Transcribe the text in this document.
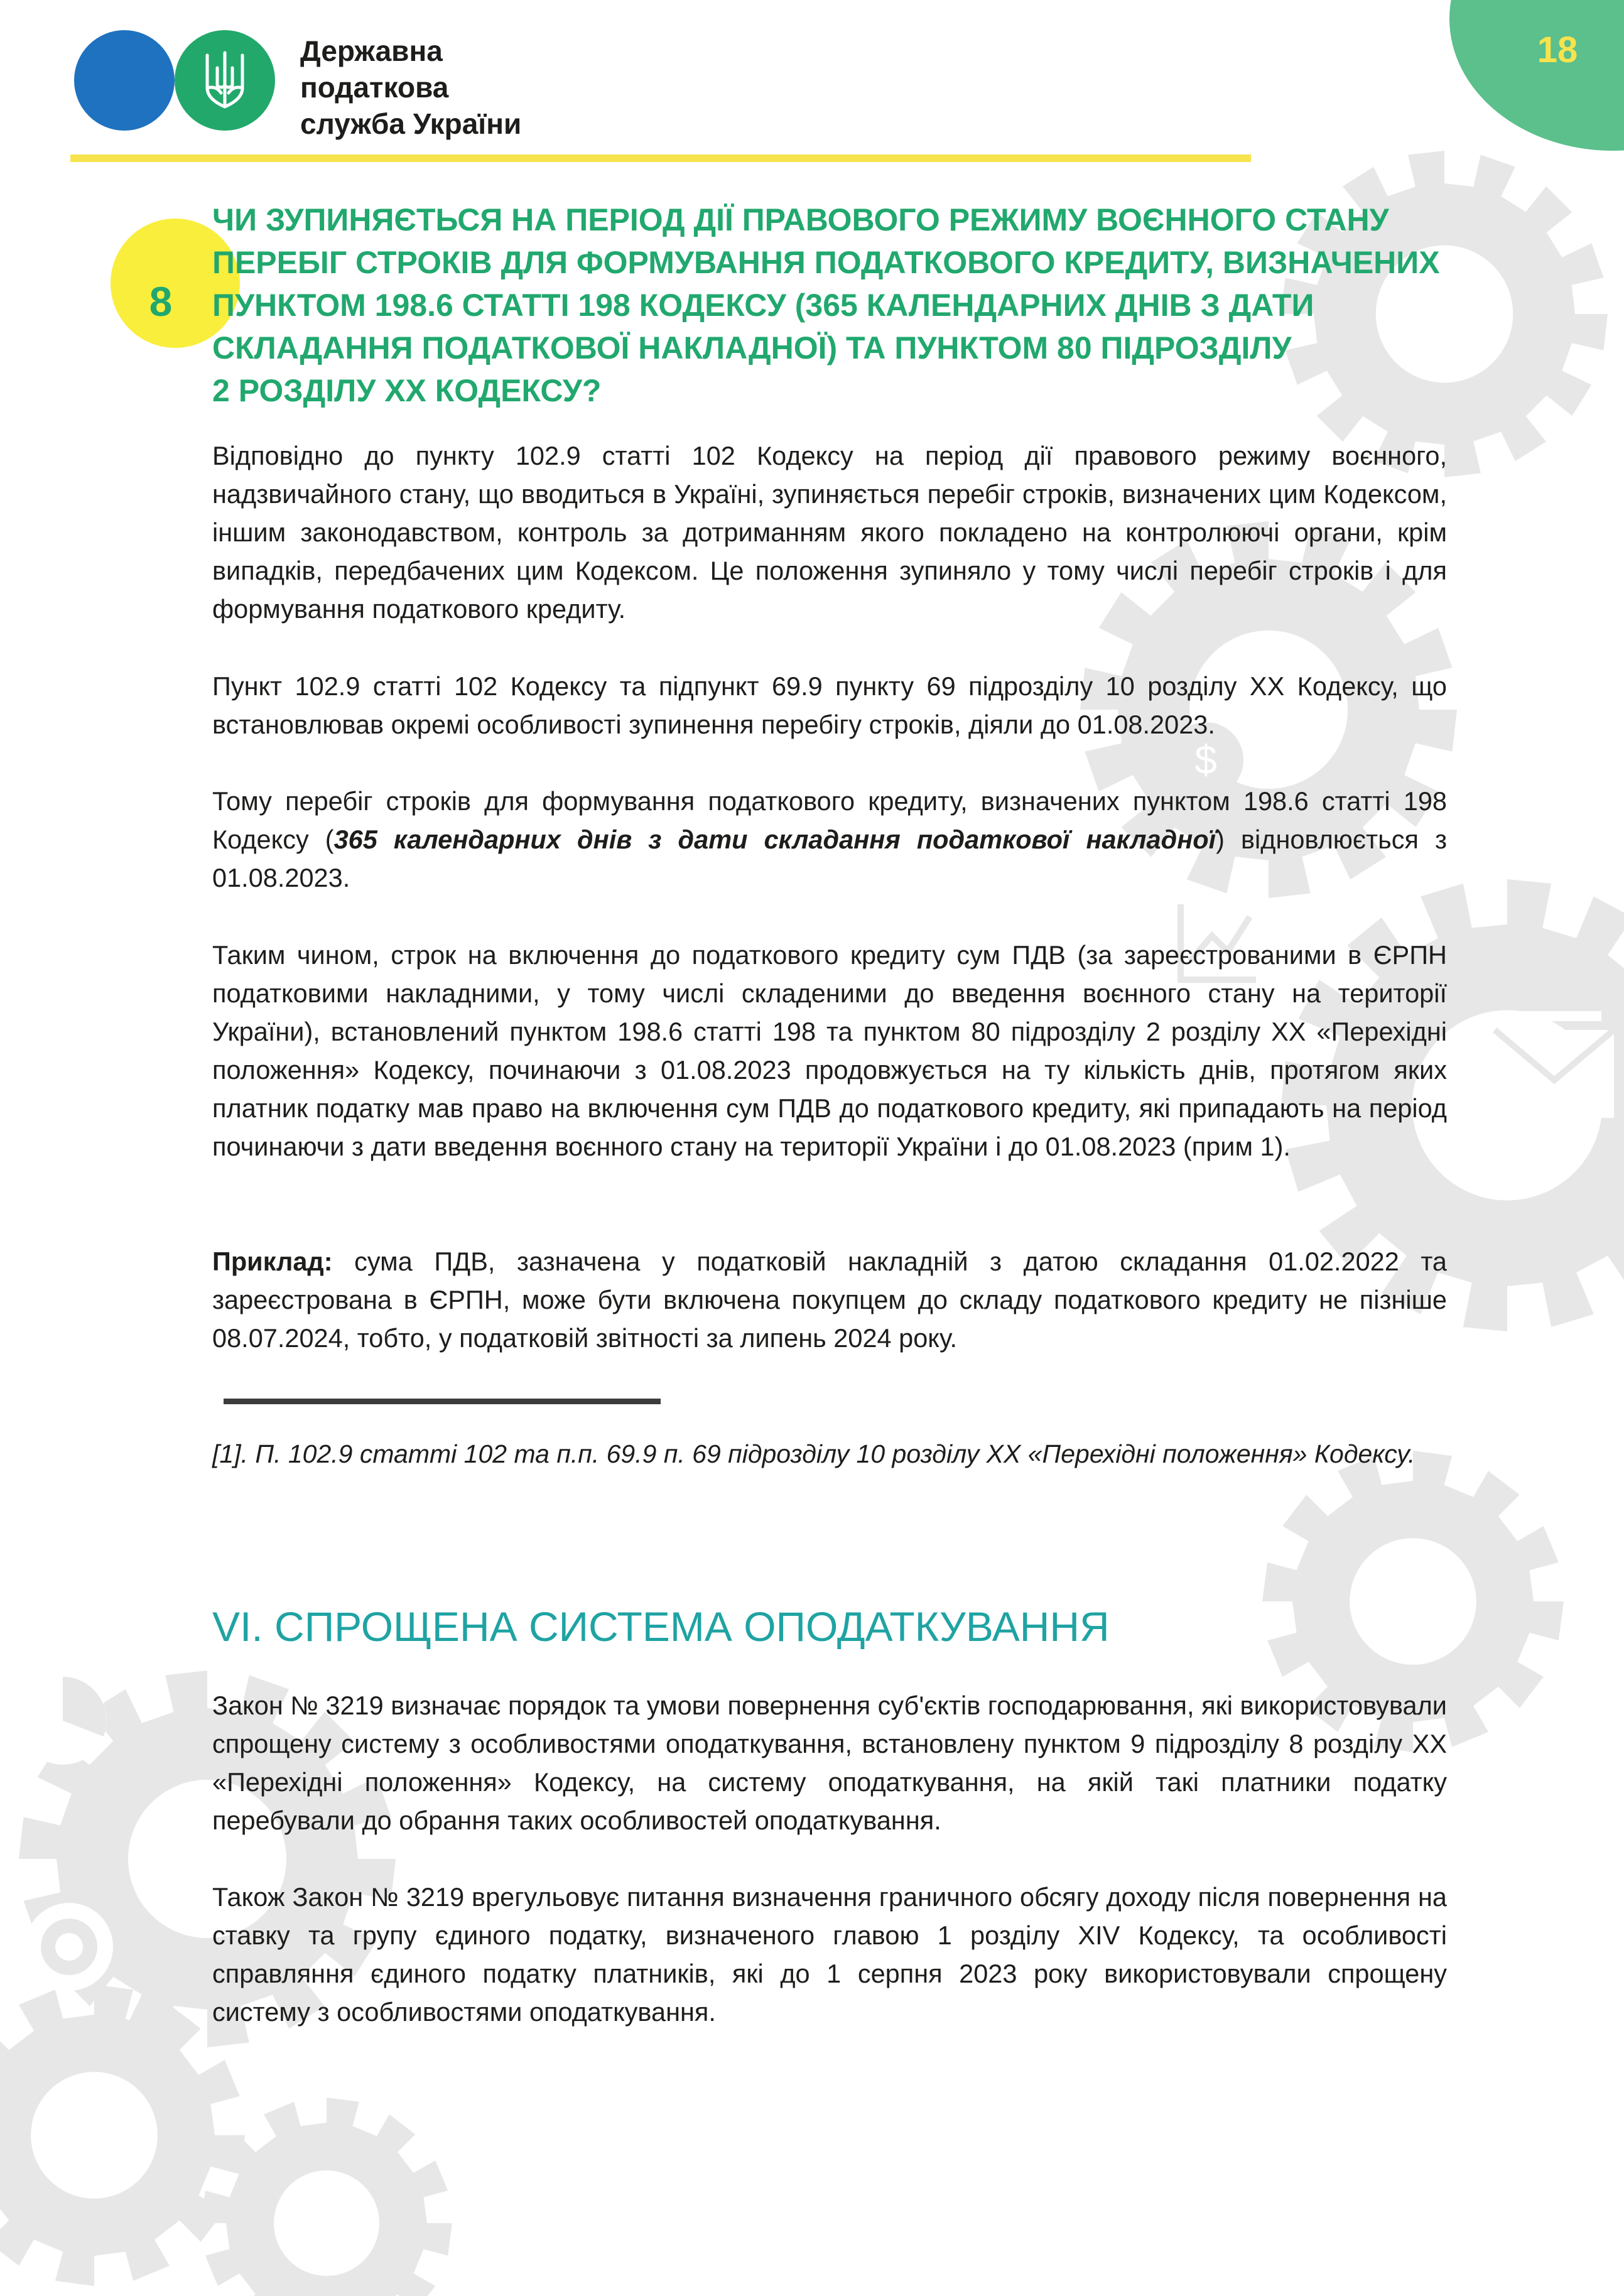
$
Державна
податкова
служба України
18
8
ЧИ ЗУПИНЯЄТЬСЯ НА ПЕРІОД ДІЇ ПРАВОВОГО РЕЖИМУ ВОЄННОГО СТАНУ
ПЕРЕБІГ СТРОКІВ ДЛЯ ФОРМУВАННЯ ПОДАТКОВОГО КРЕДИТУ, ВИЗНАЧЕНИХ
ПУНКТОМ 198.6 СТАТТІ 198 КОДЕКСУ (365 КАЛЕНДАРНИХ ДНІВ З ДАТИ
СКЛАДАННЯ ПОДАТКОВОЇ НАКЛАДНОЇ) ТА ПУНКТОМ 80 ПІДРОЗДІЛУ
2 РОЗДІЛУ ХХ КОДЕКСУ?

Відповідно до пункту 102.9 статті 102 Кодексу на період дії правового режиму воєнного, надзвичайного стану, що вводиться в Україні, зупиняється перебіг строків, визначених цим Кодексом, іншим законодавством, контроль за дотриманням якого покладено на контролюючі органи, крім випадків, передбачених цим Кодексом. Це положення зупиняло у тому числі перебіг строків і для формування податкового кредиту.

Пункт 102.9 статті 102 Кодексу та підпункт 69.9 пункту 69 підрозділу 10 розділу ХХ Кодексу, що встановлював окремі особливості зупинення перебігу строків, діяли до 01.08.2023.

Тому перебіг строків для формування податкового кредиту, визначених пунктом 198.6 статті 198 Кодексу (365 календарних днів з дати складання податкової накладної) відновлюється з 01.08.2023.

Таким чином, строк на включення до податкового кредиту сум ПДВ (за зареєстрованими в ЄРПН податковими накладними, у тому числі складеними до введення воєнного стану на території України), встановлений пунктом 198.6 статті 198 та пунктом 80 підрозділу 2 розділу ХХ «Перехідні положення» Кодексу, починаючи з 01.08.2023 продовжується на ту кількість днів, протягом яких платник податку мав право на включення сум ПДВ до податкового кредиту, які припадають на період починаючи з дати введення воєнного стану на території України і до 01.08.2023 (прим 1).

Приклад: сума ПДВ, зазначена у податковій накладній з датою складання 01.02.2022 та зареєстрована в ЄРПН, може бути включена покупцем до складу податкового кредиту не пізніше 08.07.2024, тобто, у податковій звітності за липень 2024 року.

[1]. П. 102.9 статті 102 та п.п. 69.9 п. 69 підрозділу 10 розділу ХХ «Перехідні положення» Кодексу.
VІ. СПРОЩЕНА СИСТЕМА ОПОДАТКУВАННЯ

Закон № 3219 визначає порядок та умови повернення суб'єктів господарювання, які використовували спрощену систему з особливостями оподаткування, встановлену пунктом 9 підрозділу 8 розділу ХХ «Перехідні положення» Кодексу, на систему оподаткування, на якій такі платники податку перебували до обрання таких особливостей оподаткування.

Також Закон № 3219 врегульовує питання визначення граничного обсягу доходу після повернення на ставку та групу єдиного податку, визначеного главою 1 розділу XIV Кодексу, та особливості справляння єдиного податку платників, які до 1 серпня 2023 року використовували спрощену систему з особливостями оподаткування.
